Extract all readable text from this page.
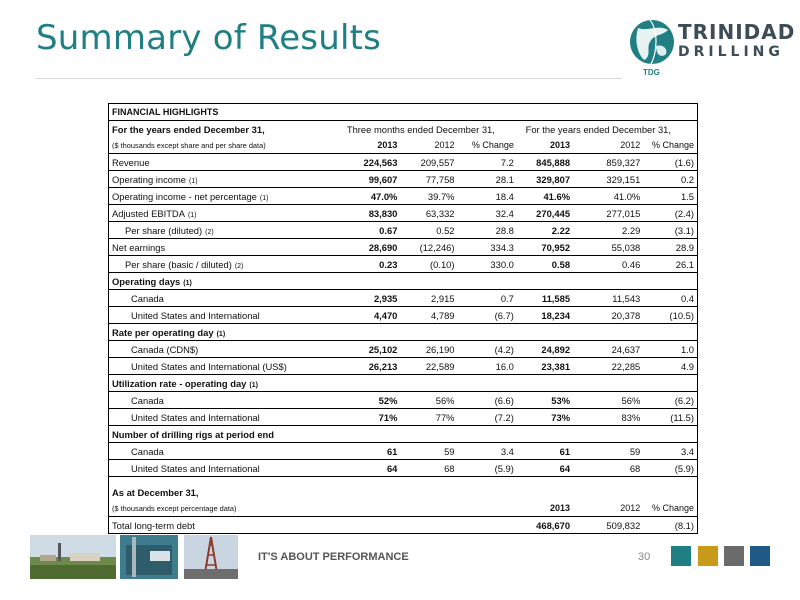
Summary of Results	TRINIDAD
DRILLING
TDG
FINANCIAL HIGHLIGHTS						
For the years ended December 31,	Three months ended December 31,			For the years ended December 31,		
($ thousands except share and per share data)	2013	2012	% Change	2013	2012	% Change
Revenue	224,563	209,557	7.2	845,888	859,327	(1.6)
Operating income (1)	99,607	77,758	28.1	329,807	329,151	0.2
Operating income - net percentage (1)	47.0%	39.7%	18.4	41.6%	41.0%	1.5
Adjusted EBITDA (1)	83,830	63,332	32.4	270,445	277,015	(2.4)
Per share (diluted) (2)	0.67	0.52	28.8	2.22	2.29	(3.1)
Net earnings	28,690	(12,246)	334.3	70,952	55,038	28.9
Per share (basic / diluted) (2)	0.23	(0.10)	330.0	0.58	0.46	26.1
Operating days (1)						
Canada	2,935	2,915	0.7	11,585	11,543	0.4
United States and International	4,470	4,789	(6.7)	18,234	20,378	(10.5)
Rate per operating day (1)						
Canada (CDN$)	25,102	26,190	(4.2)	24,892	24,637	1.0
United States and International (US$)	26,213	22,589	16.0	23,381	22,285	4.9
Utilization rate - operating day (1)						
Canada	52%	56%	(6.6)	53%	56%	(6.2)
United States and International	71%	77%	(7.2)	73%	83%	(11.5)
Number of drilling rigs at period end						
Canada	61	59	3.4	61	59	3.4
United States and International	64	68	(5.9)	64	68	(5.9)

As at December 31,						
($ thousands except percentage data)				2013	2012	% Change
Total long-term debt				468,670	509,832	(8.1)
IT'S ABOUT PERFORMANCE	30
